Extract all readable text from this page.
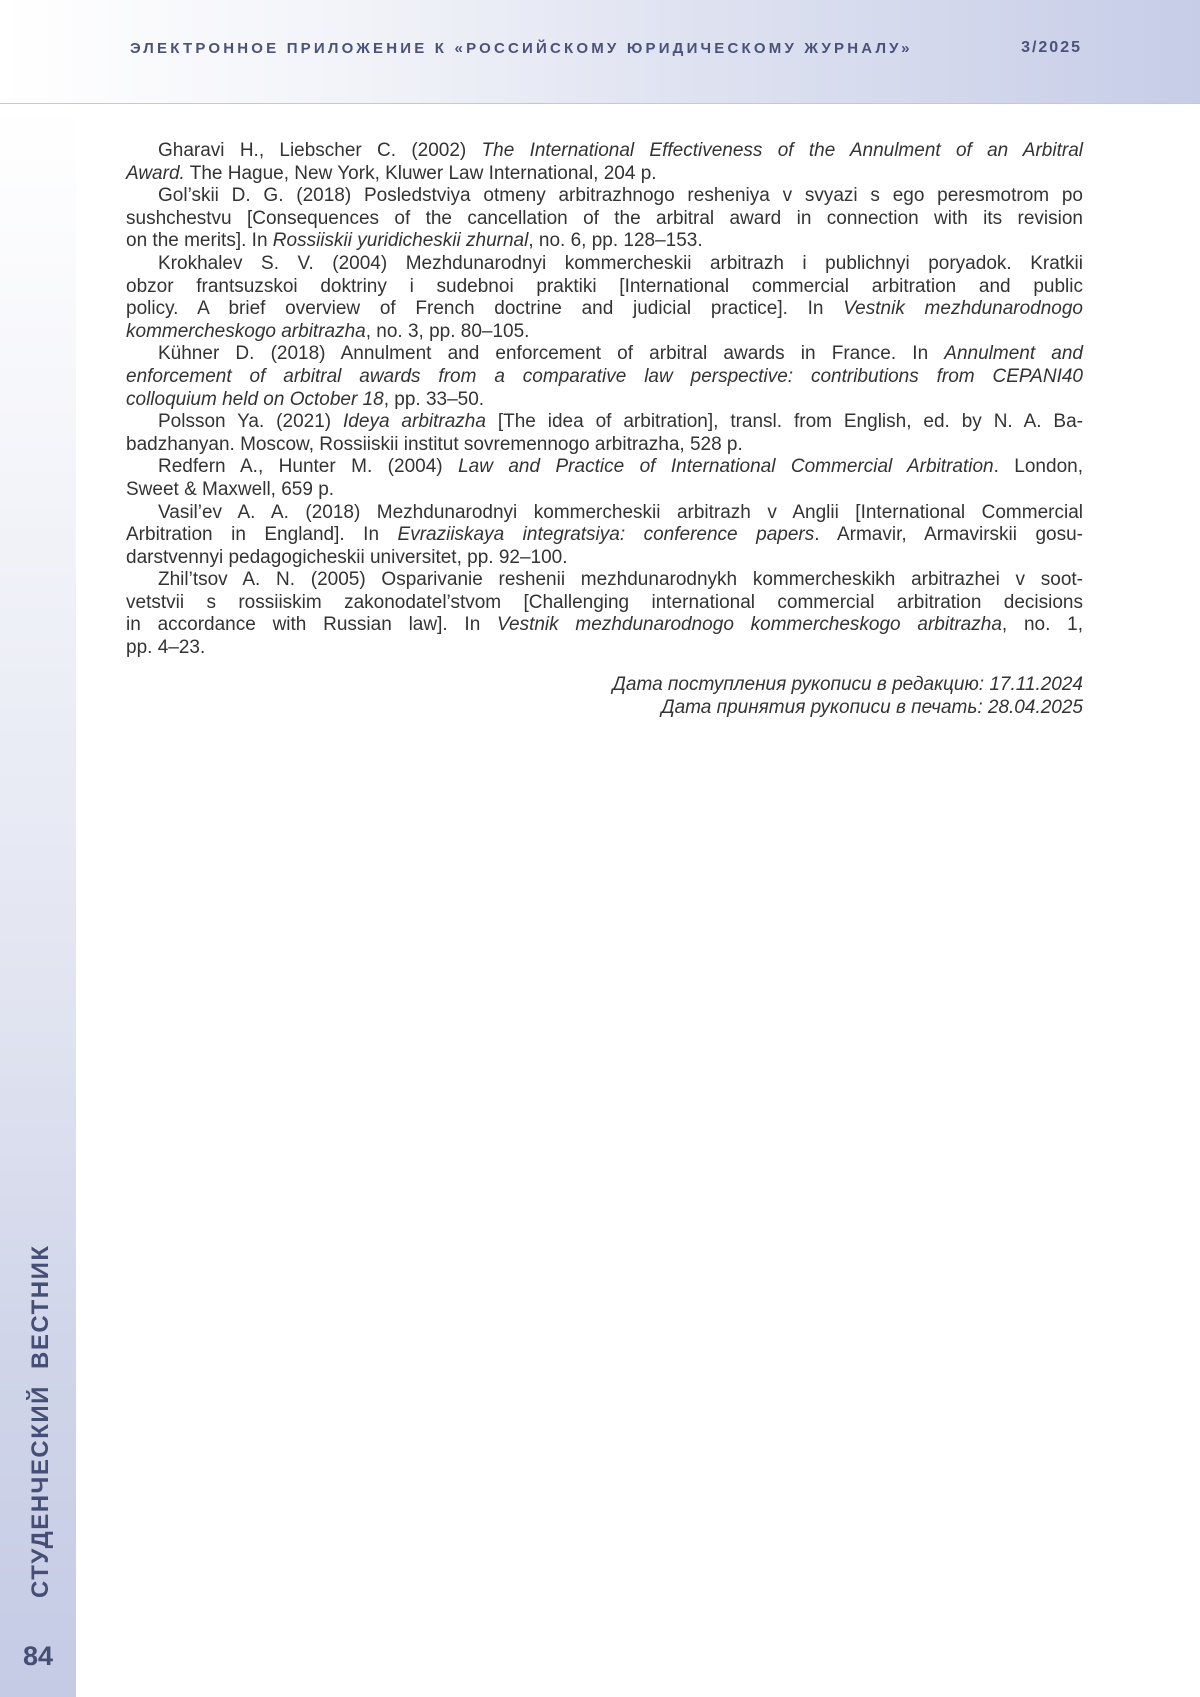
ЭЛЕКТРОННОЕ ПРИЛОЖЕНИЕ К «РОССИЙСКОМУ ЮРИДИЧЕСКОМУ ЖУРНАЛУ»	3/2025
СТУДЕНЧЕСКИЙ ВЕСТНИК
84
Gharavi H., Liebscher C. (2002) The International Effectiveness of the Annulment of an Arbitral
Award. The Hague, New York, Kluwer Law International, 204 p.
Gol’skii D. G. (2018) Posledstviya otmeny arbitrazhnogo resheniya v svyazi s ego peresmotrom po
sushchestvu [Consequences of the cancellation of the arbitral award in connection with its revision
on the merits]. In Rossiiskii yuridicheskii zhurnal, no. 6, pp. 128–153.
Krokhalev S. V. (2004) Mezhdunarodnyi kommercheskii arbitrazh i publichnyi poryadok. Kratkii
obzor frantsuzskoi doktriny i sudebnoi praktiki [International commercial arbitration and public
policy. A brief overview of French doctrine and judicial practice]. In Vestnik mezhdunarodnogo
kommercheskogo arbitrazha, no. 3, pp. 80–105.
Kühner D. (2018) Annulment and enforcement of arbitral awards in France. In Annulment and
enforcement of arbitral awards from a comparative law perspective: contributions from CEPANI40
colloquium held on October 18, pp. 33–50.
Polsson Ya. (2021) Ideya arbitrazha [The idea of arbitration], transl. from English, ed. by N. A. Ba-
badzhanyan. Moscow, Rossiiskii institut sovremennogo arbitrazha, 528 p.
Redfern A., Hunter M. (2004) Law and Practice of International Commercial Arbitration. London,
Sweet & Maxwell, 659 p.
Vasil’ev A. A. (2018) Mezhdunarodnyi kommercheskii arbitrazh v Anglii [International Commercial
Arbitration in England]. In Evraziiskaya integratsiya: conference papers. Armavir, Armavirskii gosu-
darstvennyi pedagogicheskii universitet, pp. 92–100.
Zhil’tsov A. N. (2005) Osparivanie reshenii mezhdunarodnykh kommercheskikh arbitrazhei v soot-
vetstvii s rossiiskim zakonodatel’stvom [Challenging international commercial arbitration decisions
in accordance with Russian law]. In Vestnik mezhdunarodnogo kommercheskogo arbitrazha, no. 1,
pp. 4–23.
Дата поступления рукописи в редакцию: 17.11.2024
Дата принятия рукописи в печать: 28.04.2025
